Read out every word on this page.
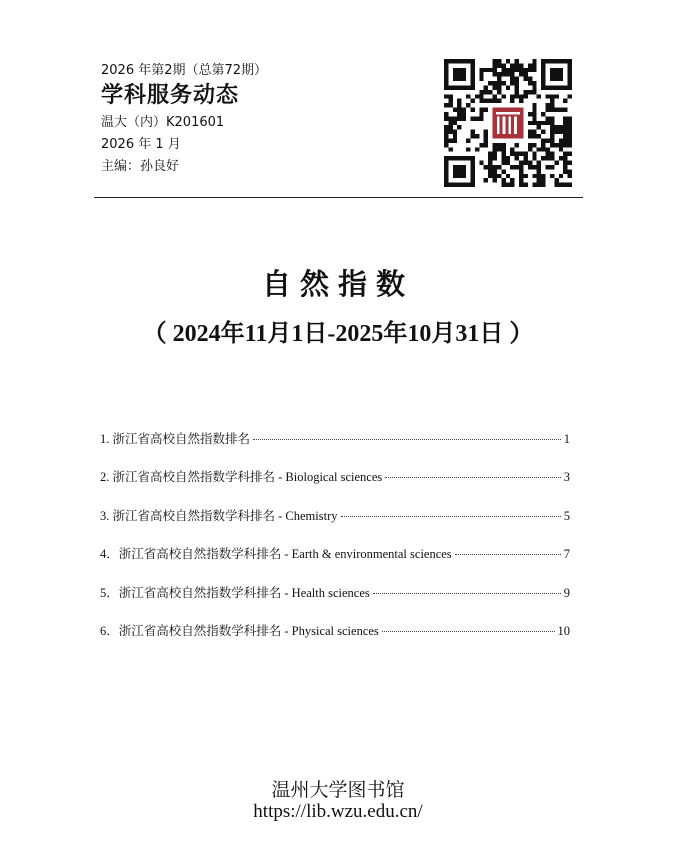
2026 年第2期（总第72期）
学科服务动态
温大（内）K201601
2026 年 1 月
主编：孙良好
自然指数
（ 2024年11月1日-2025年10月31日 ）
1. 浙江省高校自然指数排名	1
2. 浙江省高校自然指数学科排名 - Biological sciences	3
3. 浙江省高校自然指数学科排名 - Chemistry	5
4．浙江省高校自然指数学科排名 - Earth & environmental sciences	7
5．浙江省高校自然指数学科排名 - Health sciences	9
6．浙江省高校自然指数学科排名 - Physical sciences	10
温州大学图书馆
https://lib.wzu.edu.cn/
